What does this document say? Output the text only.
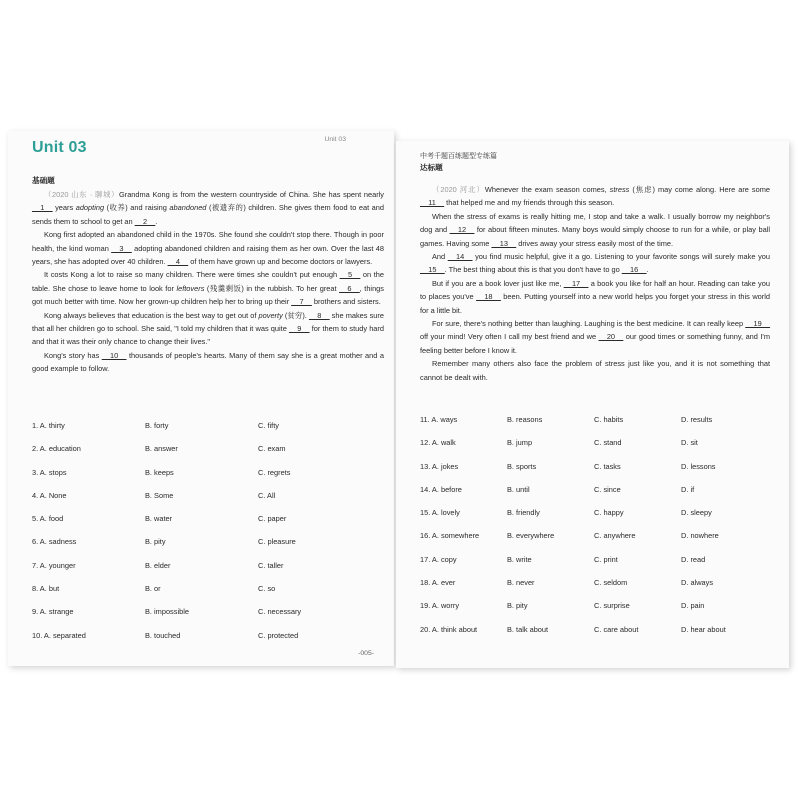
Unit 03
Unit 03
基础题

（2020 山东 · 聊城）Grandma Kong is from the western countryside of China. She has spent nearly __1__ years adopting (收养) and raising abandoned (被遗弃的) children. She gives them food to eat and sends them to school to get an __2__.

Kong first adopted an abandoned child in the 1970s. She found she couldn't stop there. Though in poor health, the kind woman __3__ adopting abandoned children and raising them as her own. Over the last 48 years, she has adopted over 40 children. __4__ of them have grown up and become doctors or lawyers.

It costs Kong a lot to raise so many children. There were times she couldn't put enough __5__ on the table. She chose to leave home to look for leftovers (残羹剩饭) in the rubbish. To her great __6__, things got much better with time. Now her grown-up children help her to bring up their __7__ brothers and sisters.

Kong always believes that education is the best way to get out of poverty (贫穷). __8__ she makes sure that all her children go to school. She said, "I told my children that it was quite __9__ for them to study hard and that it was their only chance to change their lives."

Kong's story has __10__ thousands of people's hearts. Many of them say she is a great mother and a good example to follow.

1. A. thirty	B. forty	C. fifty
2. A. education	B. answer	C. exam
3. A. stops	B. keeps	C. regrets
4. A. None	B. Some	C. All
5. A. food	B. water	C. paper
6. A. sadness	B. pity	C. pleasure
7. A. younger	B. elder	C. taller
8. A. but	B. or	C. so
9. A. strange	B. impossible	C. necessary
10. A. separated	B. touched	C. protected
-005-
中考千题百练题型专练篇
达标题

（2020 河北）Whenever the exam season comes, stress (焦虑) may come along. Here are some __11__ that helped me and my friends through this season.

When the stress of exams is really hitting me, I stop and take a walk. I usually borrow my neighbor's dog and __12__ for about fifteen minutes. Many boys would simply choose to run for a while, or play ball games. Having some __13__ drives away your stress easily most of the time.

And __14__ you find music helpful, give it a go. Listening to your favorite songs will surely make you __15__. The best thing about this is that you don't have to go __16__.

But if you are a book lover just like me, __17__ a book you like for half an hour. Reading can take you to places you've __18__ been. Putting yourself into a new world helps you forget your stress in this world for a little bit.

For sure, there's nothing better than laughing. Laughing is the best medicine. It can really keep __19__ off your mind! Very often I call my best friend and we __20__ our good times or something funny, and I'm feeling better before I know it.

Remember many others also face the problem of stress just like you, and it is not something that cannot be dealt with.

11. A. ways	B. reasons	C. habits	D. results
12. A. walk	B. jump	C. stand	D. sit
13. A. jokes	B. sports	C. tasks	D. lessons
14. A. before	B. until	C. since	D. if
15. A. lovely	B. friendly	C. happy	D. sleepy
16. A. somewhere	B. everywhere	C. anywhere	D. nowhere
17. A. copy	B. write	C. print	D. read
18. A. ever	B. never	C. seldom	D. always
19. A. worry	B. pity	C. surprise	D. pain
20. A. think about	B. talk about	C. care about	D. hear about
